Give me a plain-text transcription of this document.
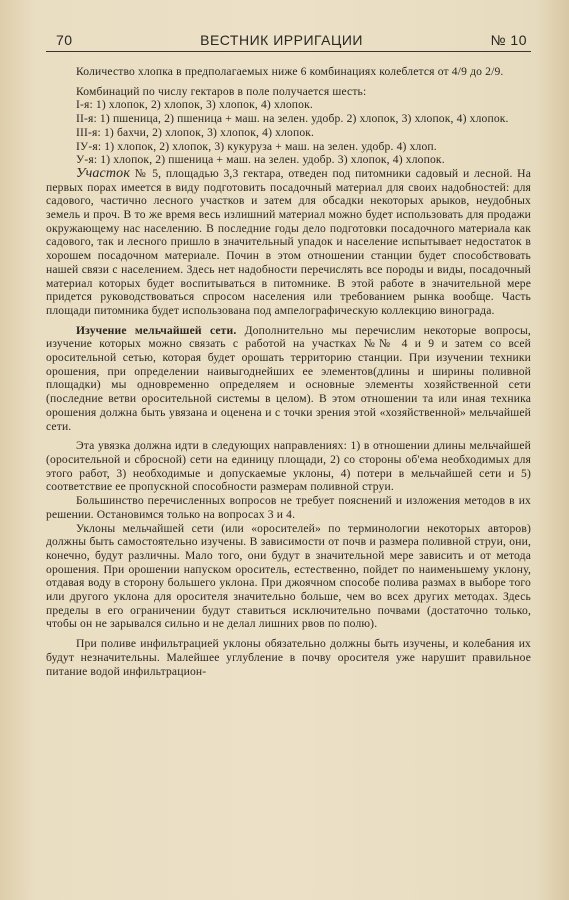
70	ВЕСТНИК ИРРИГАЦИИ	№ 10

Количество хлопка в предполагаемых ниже 6 комбинациях колеблется от 4/9 до 2/9.

Комбинаций по числу гектаров в поле получается шесть:

I-я: 1) хлопок, 2) хлопок, 3) хлопок, 4) хлопок.

II-я: 1) пшеница, 2) пшеница + маш. на зелен. удобр. 2) хлопок, 3) хлопок, 4) хлопок.

III-я: 1) бахчи, 2) хлопок, 3) хлопок, 4) хлопок.

IУ-я: 1) хлопок, 2) хлопок, 3) кукуруза + маш. на зелен. удобр. 4) хлоп.

У-я: 1) хлопок, 2) пшеница + маш. на зелен. удобр. 3) хлопок, 4) хлопок.

Участок № 5, площадью 3,3 гектара, отведен под питомники садовый и лесной. На первых порах имеется в виду подготовить посадочный материал для своих надобностей: для садового, частично лесного участков и затем для обсадки некоторых арыков, неудобных земель и проч. В то же время весь излишний материал можно будет использовать для продажи окружающему нас населению. В последние годы дело подготовки посадочного материала как садового, так и лесного пришло в значительный упадок и население испытывает недостаток в хорошем посадочном материале. Почин в этом отношении станции будет способствовать нашей связи с населением. Здесь нет надобности перечислять все породы и виды, посадочный материал которых будет воспитываться в питомнике. В этой работе в значительной мере придется руководствоваться спросом населения или требованием рынка вообще. Часть площади питомника будет использована под ампелографическую коллекцию винограда.

Изучение мельчайшей сети. Дополнительно мы перечислим некоторые вопросы, изучение которых можно связать с работой на участках №№ 4 и 9 и затем со всей оросительной сетью, которая будет орошать территорию станции. При изучении техники орошения, при определении наивыгоднейших ее элементов(длины и ширины поливной площадки) мы одновременно определяем и основные элементы хозяйственной сети (последние ветви оросительной системы в целом). В этом отношении та или иная техника орошения должна быть увязана и оценена и с точки зрения этой «хозяйственной» мельчайшей сети.

Эта увязка должна идти в следующих направлениях: 1) в отношении длины мельчайшей (оросительной и сбросной) сети на единицу площади, 2) со стороны об'ема необходимых для этого работ, 3) необходимые и допускаемые уклоны, 4) потери в мельчайшей сети и 5) соответствие ее пропускной способности размерам поливной струи.

Большинство перечисленных вопросов не требует пояснений и изложения методов в их решении. Остановимся только на вопросах 3 и 4.

Уклоны мельчайшей сети (или «оросителей» по терминологии некоторых авторов) должны быть самостоятельно изучены. В зависимости от почв и размера поливной струи, они, конечно, будут различны. Мало того, они будут в значительной мере зависить и от метода орошения. При орошении напуском ороситель, естественно, пойдет по наименьшему уклону, отдавая воду в сторону большего уклона. При джоячном способе полива размах в выборе того или другого уклона для оросителя значительно больше, чем во всех других методах. Здесь пределы в его ограничении будут ставиться исключительно почвами (достаточно только, чтобы он не зарывался сильно и не делал лишних рвов по полю).

При поливе инфильтрацией уклоны обязательно должны быть изучены, и колебания их будут незначительны. Малейшее углубление в почву оросителя уже нарушит правильное питание водой инфильтрацион-
